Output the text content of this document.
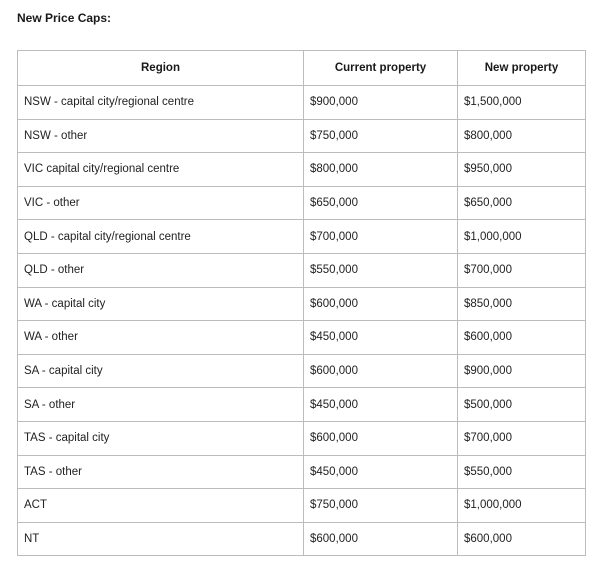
New Price Caps:
Region	Current property	New property
NSW - capital city/regional centre	$900,000	$1,500,000
NSW - other	$750,000	$800,000
VIC capital city/regional centre	$800,000	$950,000
VIC - other	$650,000	$650,000
QLD - capital city/regional centre	$700,000	$1,000,000
QLD - other	$550,000	$700,000
WA - capital city	$600,000	$850,000
WA - other	$450,000	$600,000
SA - capital city	$600,000	$900,000
SA - other	$450,000	$500,000
TAS - capital city	$600,000	$700,000
TAS - other	$450,000	$550,000
ACT	$750,000	$1,000,000
NT	$600,000	$600,000
